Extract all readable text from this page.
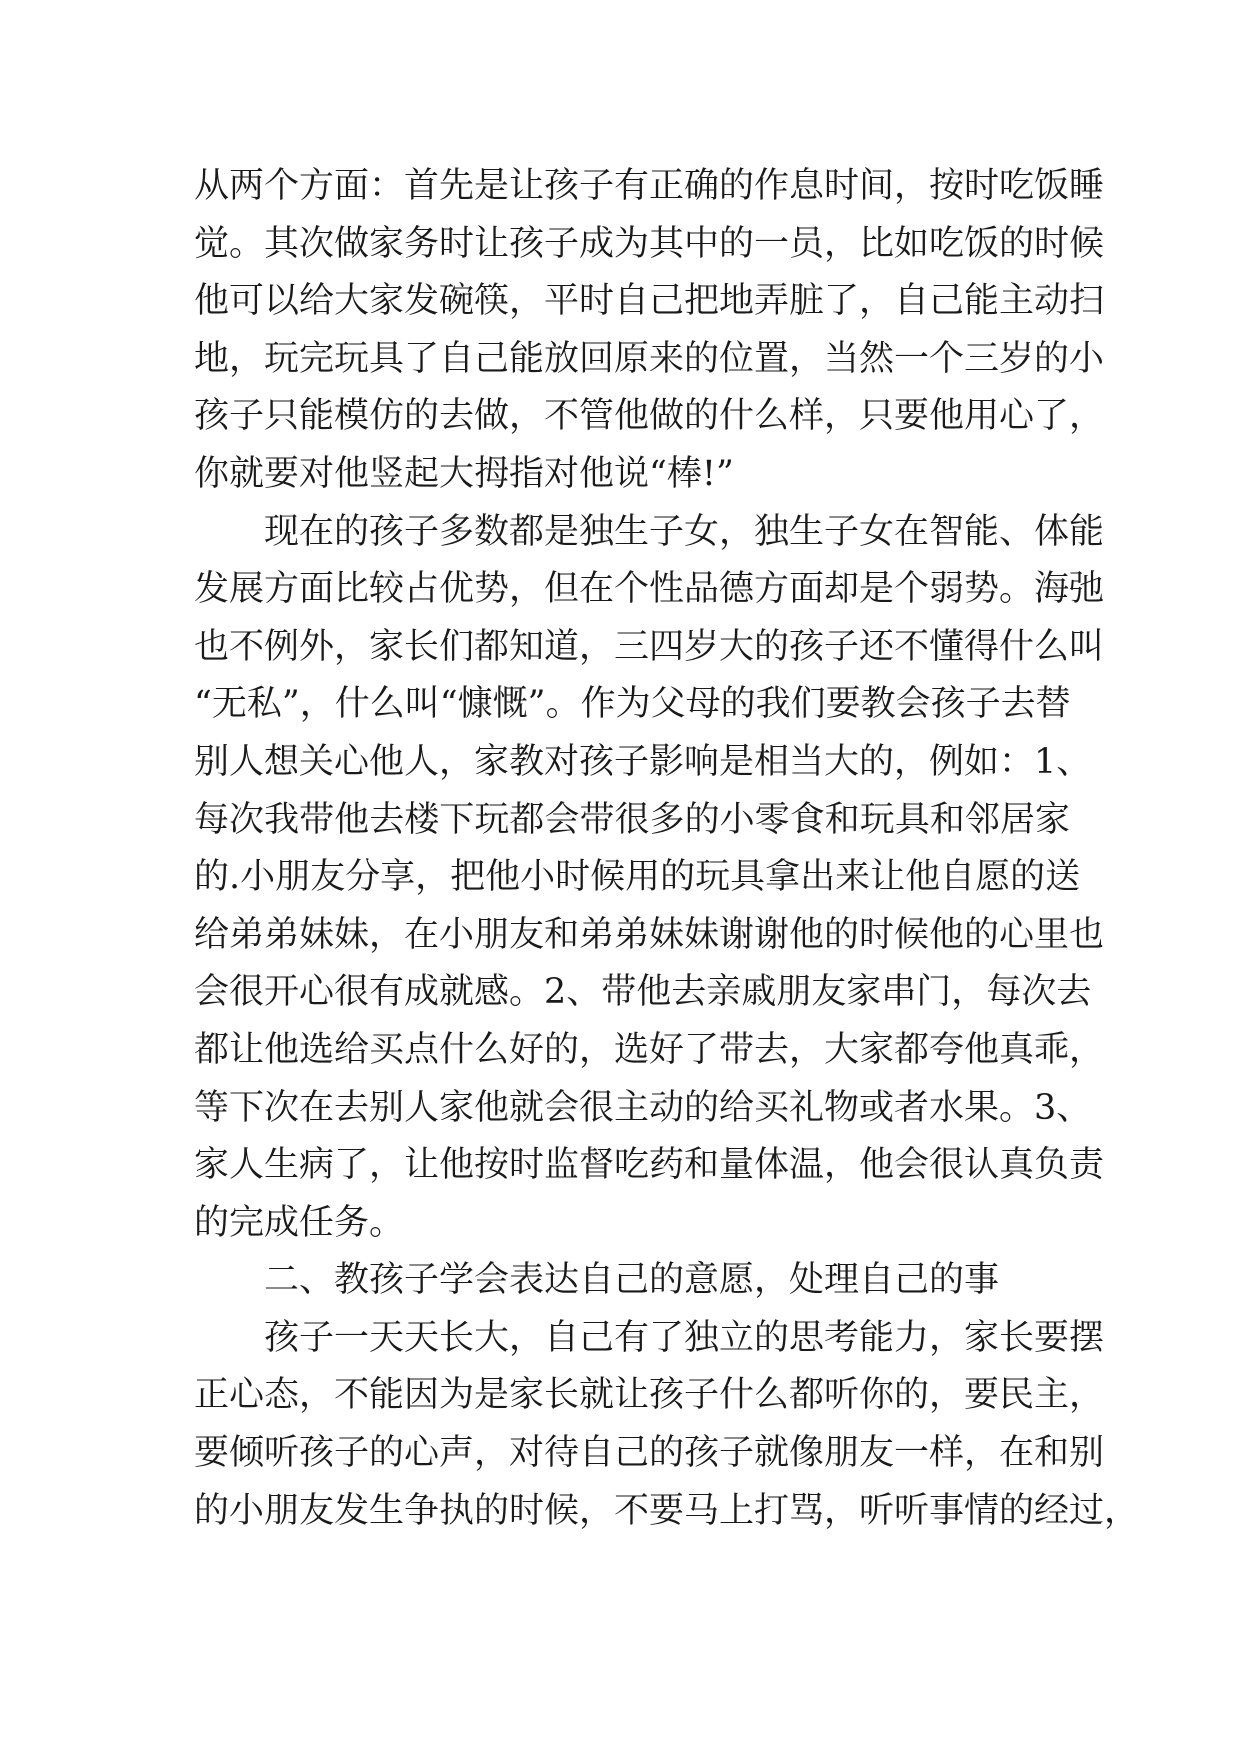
从两个方面：首先是让孩子有正确的作息时间，按时吃饭睡
觉。其次做家务时让孩子成为其中的一员，比如吃饭的时候
他可以给大家发碗筷，平时自己把地弄脏了，自己能主动扫
地，玩完玩具了自己能放回原来的位置，当然一个三岁的小
孩子只能模仿的去做，不管他做的什么样，只要他用心了，
你就要对他竖起大拇指对他说“棒!”
现在的孩子多数都是独生子女，独生子女在智能、体能
发展方面比较占优势，但在个性品德方面却是个弱势。海弛
也不例外，家长们都知道，三四岁大的孩子还不懂得什么叫
“无私”，什么叫“慷慨”。作为父母的我们要教会孩子去替
别人想关心他人，家教对孩子影响是相当大的，例如：1、
每次我带他去楼下玩都会带很多的小零食和玩具和邻居家
的.小朋友分享，把他小时候用的玩具拿出来让他自愿的送
给弟弟妹妹，在小朋友和弟弟妹妹谢谢他的时候他的心里也
会很开心很有成就感。2、带他去亲戚朋友家串门，每次去
都让他选给买点什么好的，选好了带去，大家都夸他真乖，
等下次在去别人家他就会很主动的给买礼物或者水果。3、
家人生病了，让他按时监督吃药和量体温，他会很认真负责
的完成任务。
二、教孩子学会表达自己的意愿，处理自己的事
孩子一天天长大，自己有了独立的思考能力，家长要摆
正心态，不能因为是家长就让孩子什么都听你的，要民主，
要倾听孩子的心声，对待自己的孩子就像朋友一样，在和别
的小朋友发生争执的时候，不要马上打骂，听听事情的经过，
